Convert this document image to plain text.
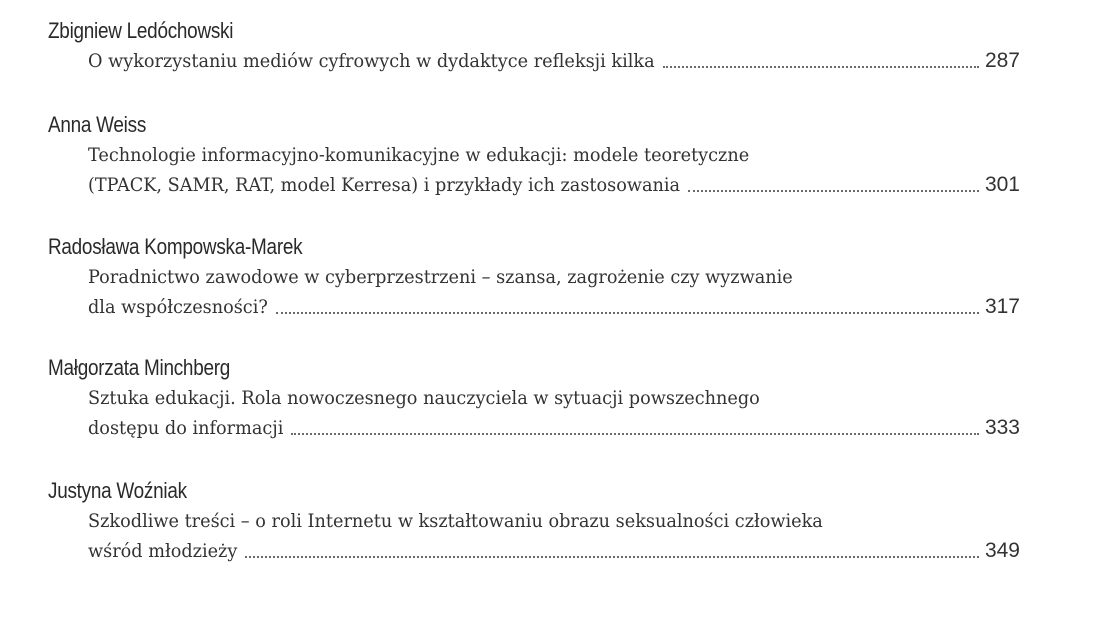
Zbigniew Ledóchowski
O wykorzystaniu mediów cyfrowych w dydaktyce refleksji kilka	287
Anna Weiss
Technologie informacyjno-komunikacyjne w edukacji: modele teoretyczne
(TPACK, SAMR, RAT, model Kerresa) i przykłady ich zastosowania	301
Radosława Kompowska-Marek
Poradnictwo zawodowe w cyberprzestrzeni – szansa, zagrożenie czy wyzwanie
dla współczesności?	317
Małgorzata Minchberg
Sztuka edukacji. Rola nowoczesnego nauczyciela w sytuacji powszechnego
dostępu do informacji	333
Justyna Woźniak
Szkodliwe treści – o roli Internetu w kształtowaniu obrazu seksualności człowieka
wśród młodzieży	349
